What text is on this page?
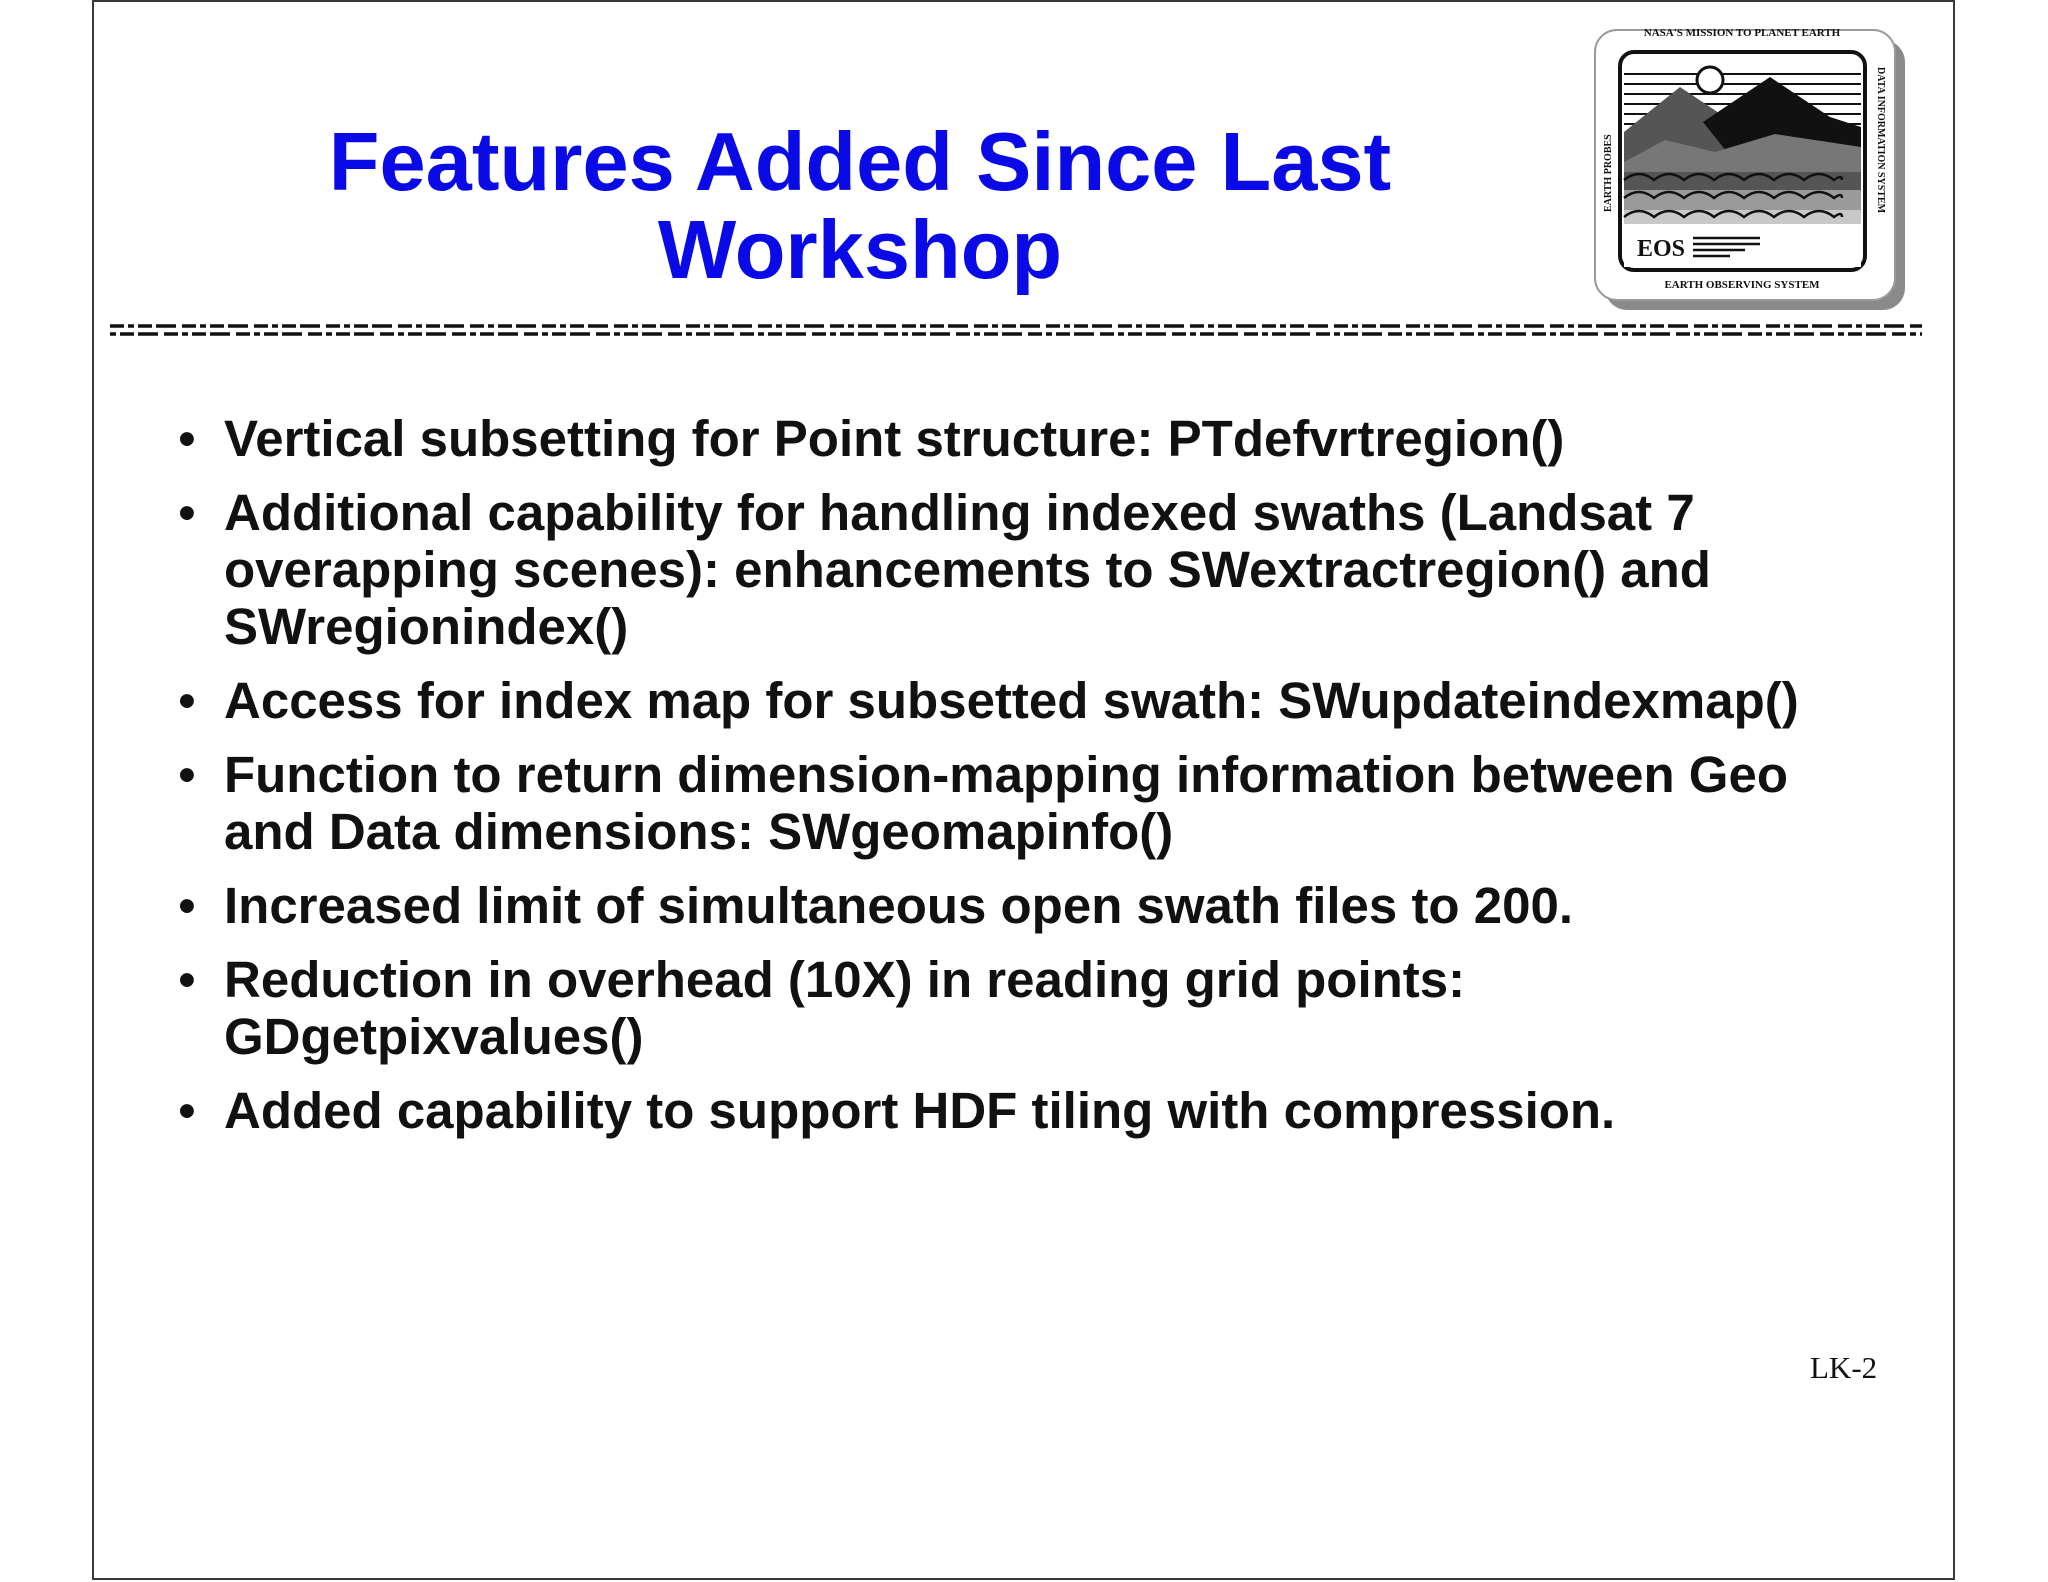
Features Added Since Last
Workshop
NASA'S MISSION TO PLANET EARTH
EOS
EARTH OBSERVING SYSTEM
EARTH PROBES	DATA INFORMATION SYSTEM
• Vertical subsetting for Point structure: PTdefvrtregion()
• Additional capability for handling indexed swaths (Landsat 7
overapping scenes): enhancements to SWextractregion() and
SWregionindex()
• Access for index map for subsetted swath: SWupdateindexmap()
• Function to return dimension-mapping information between Geo
and Data dimensions: SWgeomapinfo()
• Increased limit of simultaneous open swath files to 200.
• Reduction in overhead (10X) in reading grid points:
GDgetpixvalues()
• Added capability to support HDF tiling with compression.
LK-2
